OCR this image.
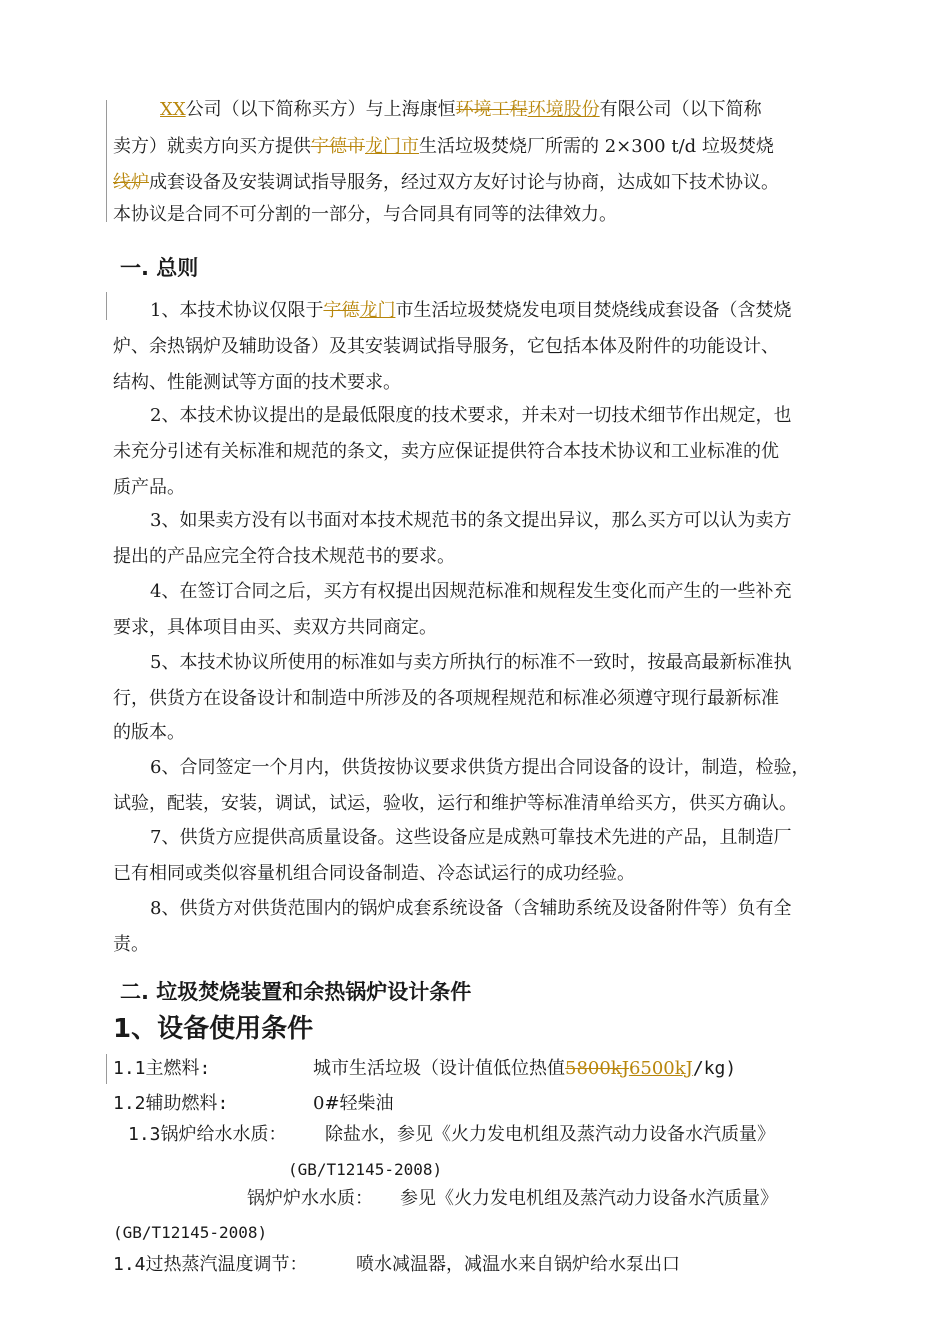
XX公司（以下简称买方）与上海康恒环境工程环境股份有限公司（以下简称
卖方）就卖方向买方提供宇德市龙门市生活垃圾焚烧厂所需的 2×300 t/d 垃圾焚烧
线炉成套设备及安装调试指导服务，经过双方友好讨论与协商，达成如下技术协议。
本协议是合同不可分割的一部分，与合同具有同等的法律效力。
一. 总则
1、本技术协议仅限于宇德龙门市生活垃圾焚烧发电项目焚烧线成套设备（含焚烧
炉、余热锅炉及辅助设备）及其安装调试指导服务，它包括本体及附件的功能设计、
结构、性能测试等方面的技术要求。
2、本技术协议提出的是最低限度的技术要求，并未对一切技术细节作出规定，也
未充分引述有关标准和规范的条文，卖方应保证提供符合本技术协议和工业标准的优
质产品。
3、如果卖方没有以书面对本技术规范书的条文提出异议，那么买方可以认为卖方
提出的产品应完全符合技术规范书的要求。
4、在签订合同之后，买方有权提出因规范标准和规程发生变化而产生的一些补充
要求，具体项目由买、卖双方共同商定。
5、本技术协议所使用的标准如与卖方所执行的标准不一致时，按最高最新标准执
行，供货方在设备设计和制造中所涉及的各项规程规范和标准必须遵守现行最新标准
的版本。
6、合同签定一个月内，供货按协议要求供货方提出合同设备的设计，制造，检验，
试验，配装，安装，调试，试运，验收，运行和维护等标准清单给买方，供买方确认。
7、供货方应提供高质量设备。这些设备应是成熟可靠技术先进的产品，且制造厂
已有相同或类似容量机组合同设备制造、冷态试运行的成功经验。
8、供货方对供货范围内的锅炉成套系统设备（含辅助系统及设备附件等）负有全
责。
二. 垃圾焚烧装置和余热锅炉设计条件
1、设备使用条件
1.1主燃料:	城市生活垃圾（设计值低位热值5800kJ6500kJ/kg)
1.2辅助燃料:	0#轻柴油
1.3锅炉给水水质： 除盐水，参见《火力发电机组及蒸汽动力设备水汽质量》
(GB/T12145-2008)
锅炉炉水水质： 参见《火力发电机组及蒸汽动力设备水汽质量》
(GB/T12145-2008)
1.4过热蒸汽温度调节：	喷水减温器，减温水来自锅炉给水泵出口
